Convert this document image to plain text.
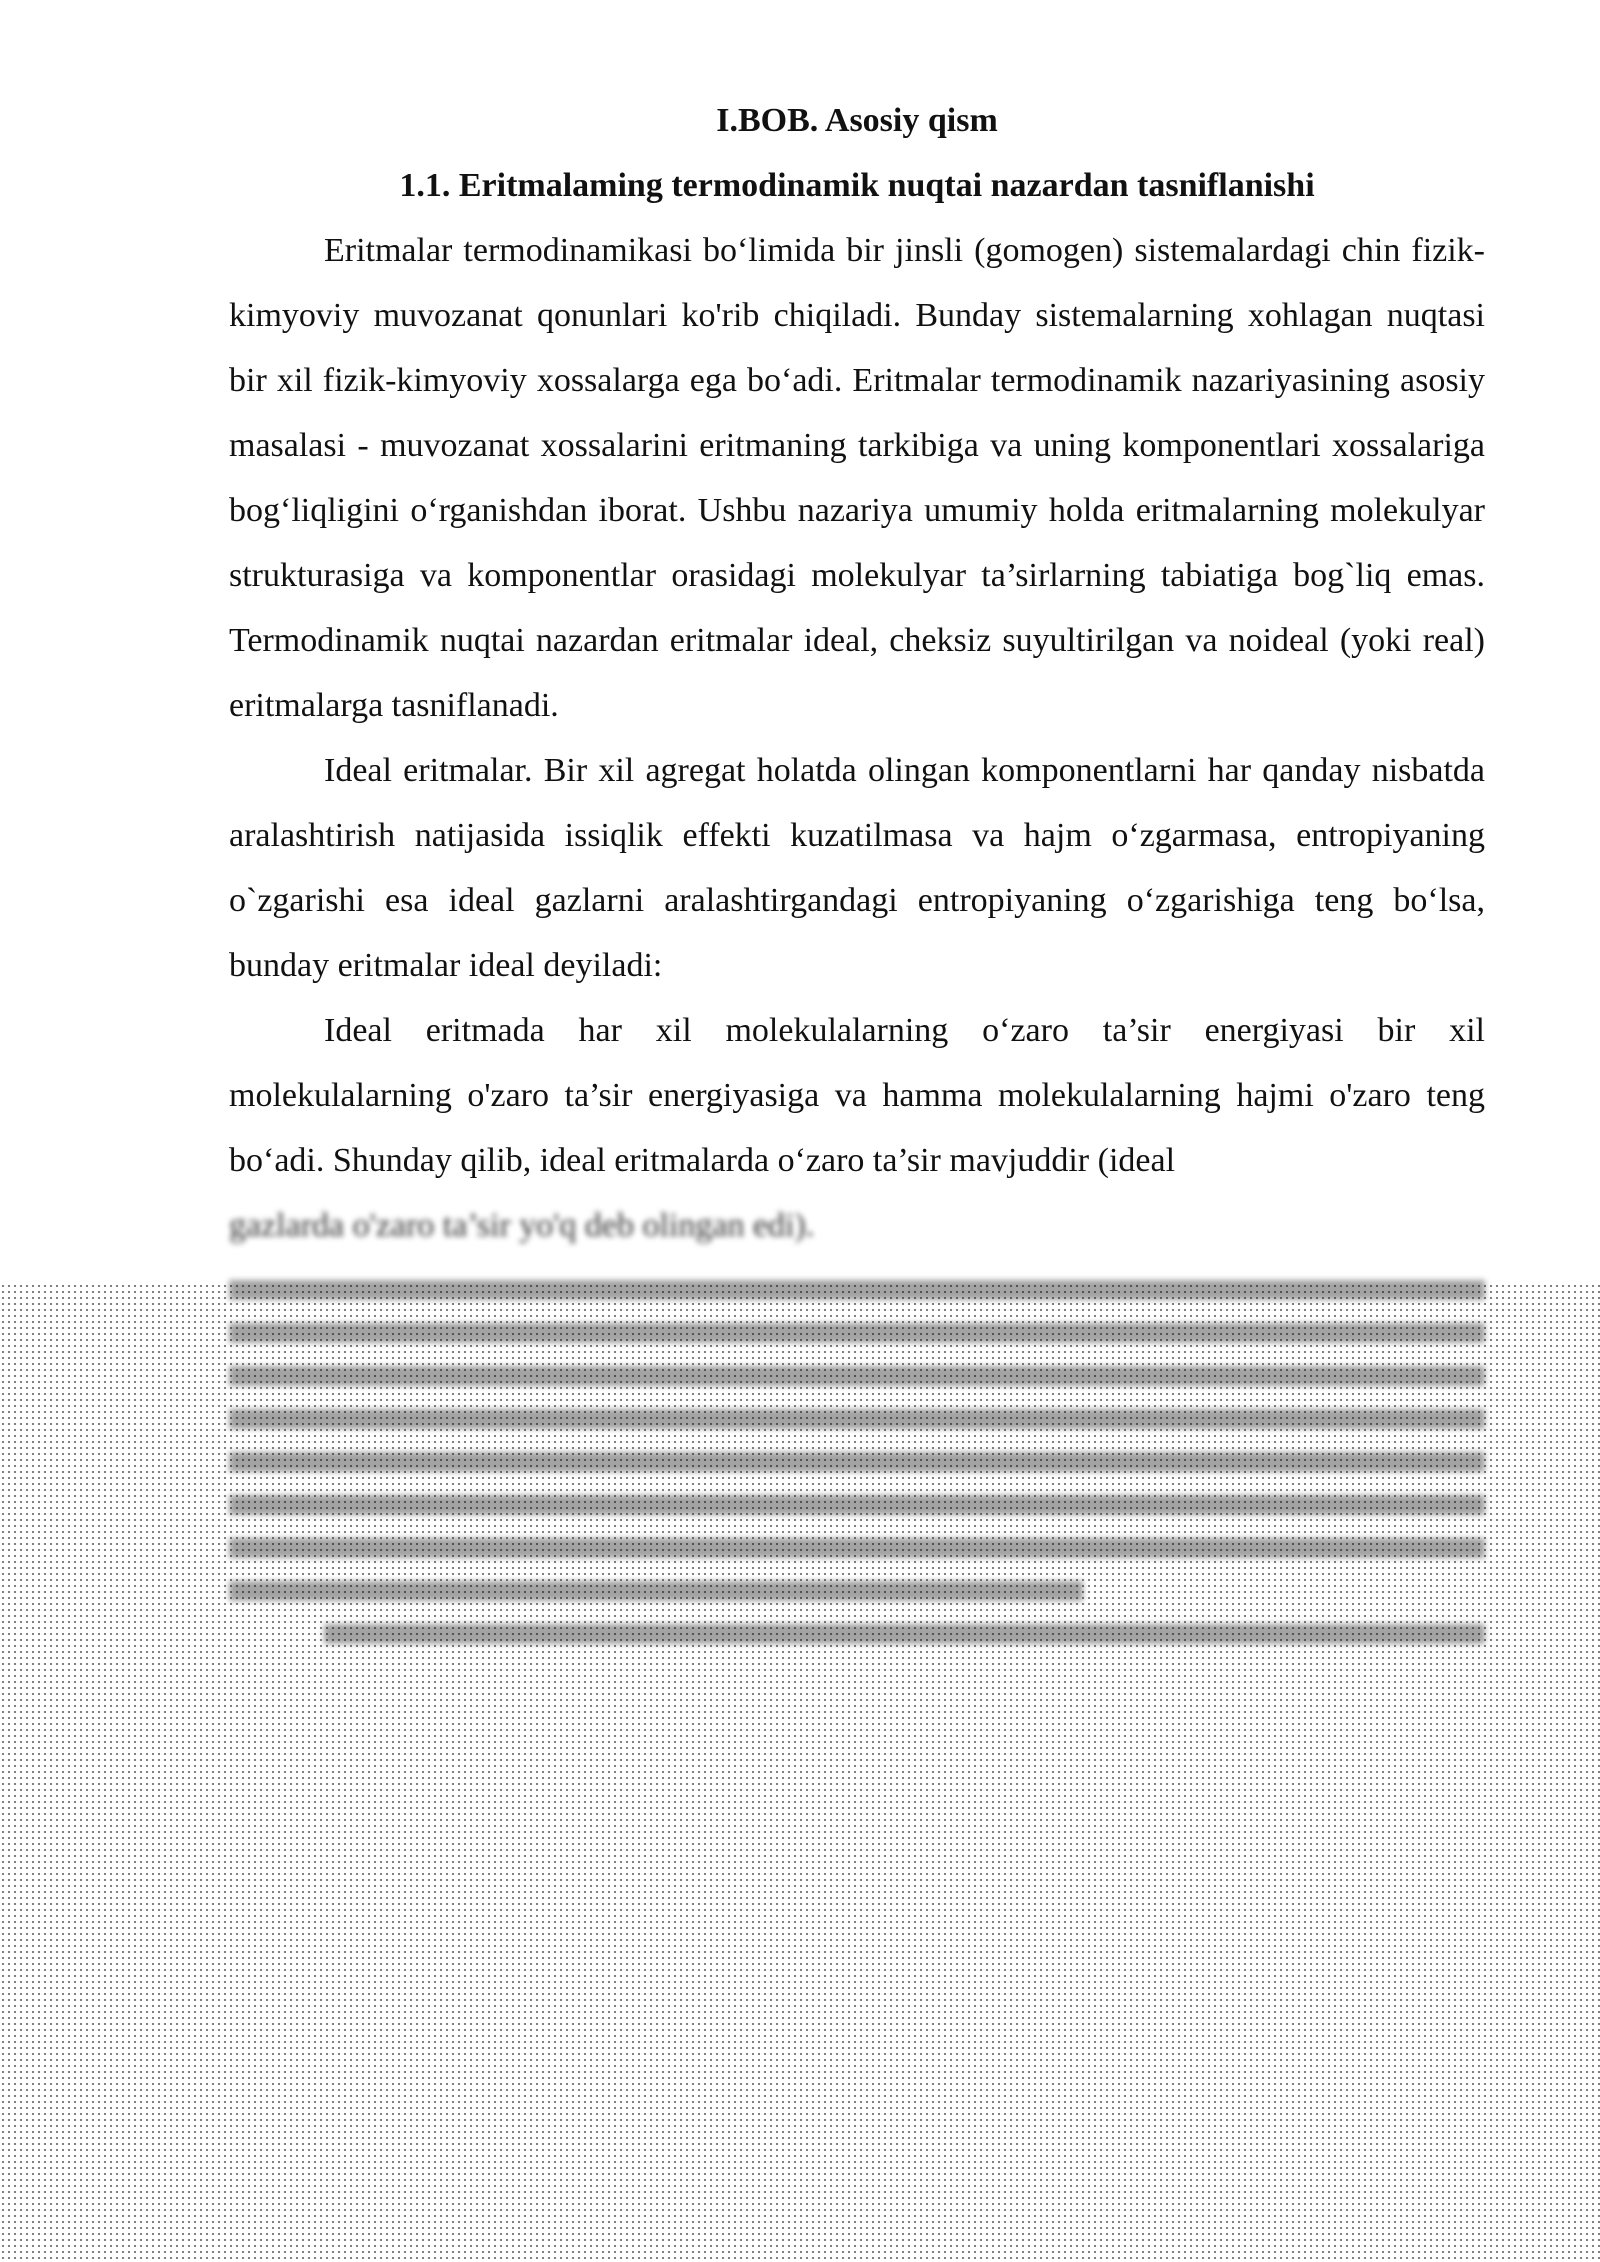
I.BOB. Asosiy qism

1.1. Eritmalaming termodinamik nuqtai nazardan tasniflanishi

Eritmalar termodinamikasi bo‘limida bir jinsli (gomogen) sistemalardagi chin fizik-kimyoviy muvozanat qonunlari ko'rib chiqiladi. Bunday sistemalarning xohlagan nuqtasi bir xil fizik-kimyoviy xossalarga ega bo‘adi. Eritmalar termodinamik nazariyasining asosiy masalasi - muvozanat xossalarini eritmaning tarkibiga va uning komponentlari xossalariga bog‘liqligini o‘rganishdan iborat. Ushbu nazariya umumiy holda eritmalarning molekulyar strukturasiga va komponentlar orasidagi molekulyar ta’sirlarning tabiatiga bog`liq emas. Termodinamik nuqtai nazardan eritmalar ideal, cheksiz suyultirilgan va noideal (yoki real) eritmalarga tasniflanadi.

Ideal eritmalar. Bir xil agregat holatda olingan komponentlarni har qanday nisbatda aralashtirish natijasida issiqlik effekti kuzatilmasa va hajm o‘zgarmasa, entropiyaning o`zgarishi esa ideal gazlarni aralashtirgandagi entropiyaning o‘zgarishiga teng bo‘lsa, bunday eritmalar ideal deyiladi:

Ideal eritmada har xil molekulalarning o‘zaro ta’sir energiyasi bir xil molekulalarning o'zaro ta’sir energiyasiga va hamma molekulalarning hajmi o'zaro teng bo‘adi. Shunday qilib, ideal eritmalarda o‘zaro ta’sir mavjuddir (ideal

gazlarda o'zaro ta’sir yo'q deb olingan edi).
